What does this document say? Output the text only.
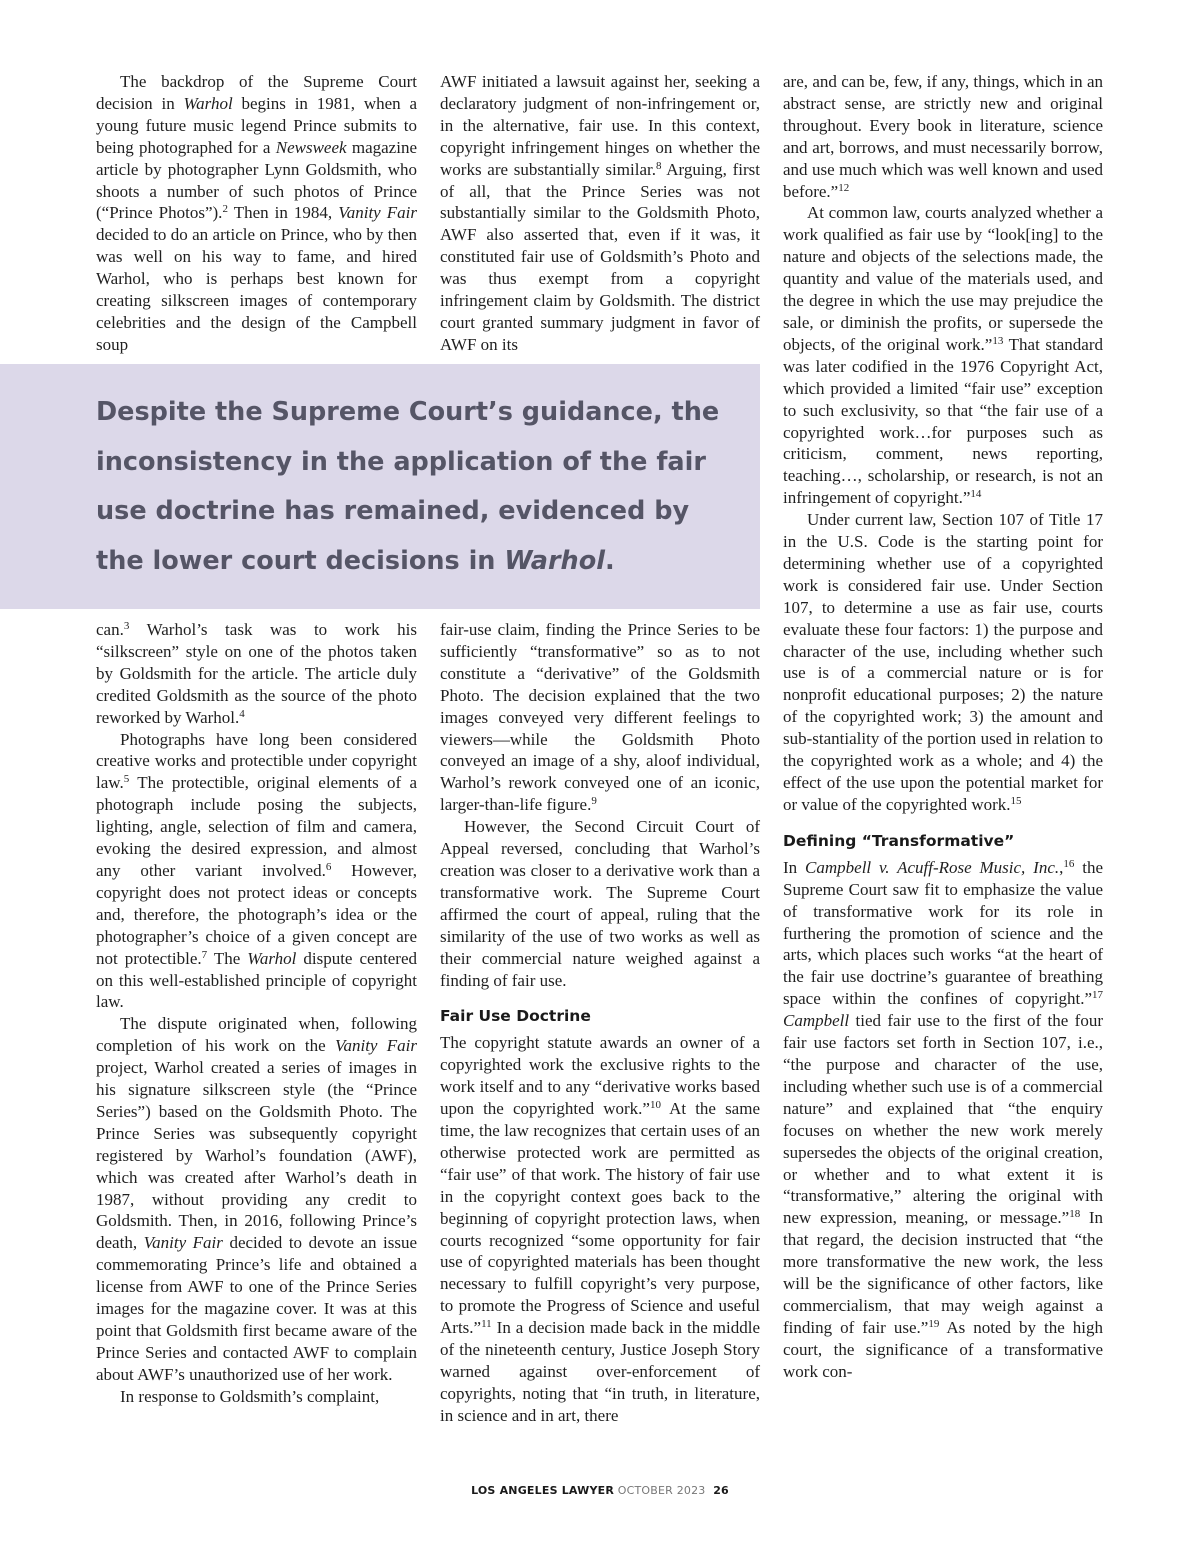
The backdrop of the Supreme Court decision in Warhol begins in 1981, when a young future music legend Prince submits to being photographed for a Newsweek magazine article by photographer Lynn Goldsmith, who shoots a number of such photos of Prince (“Prince Photos”).$^2$ Then in 1984, Vanity Fair decided to do an article on Prince, who by then was well on his way to fame, and hired Warhol, who is perhaps best known for creating silkscreen images of contemporary celebrities and the design of the Campbell soup

AWF initiated a lawsuit against her, seeking a declaratory judgment of non-infringement or, in the alternative, fair use. In this context, copyright infringement hinges on whether the works are substantially similar.$^8$ Arguing, first of all, that the Prince Series was not substantially similar to the Goldsmith Photo, AWF also asserted that, even if it was, it constituted fair use of Goldsmith’s Photo and was thus exempt from a copyright infringement claim by Goldsmith. The district court granted summary judgment in favor of AWF on its

Despite the Supreme Court’s guidance, the inconsistency in the application of the fair use doctrine has remained, evidenced by the lower court decisions in Warhol.

can.$^3$ Warhol’s task was to work his “silkscreen” style on one of the photos taken by Goldsmith for the article. The article duly credited Goldsmith as the source of the photo reworked by Warhol.$^4$

Photographs have long been considered creative works and protectible under copyright law.$^5$ The protectible, original elements of a photograph include posing the subjects, lighting, angle, selection of film and camera, evoking the desired expression, and almost any other variant involved.$^6$ However, copyright does not protect ideas or concepts and, therefore, the photograph’s idea or the photographer’s choice of a given concept are not protectible.$^7$ The Warhol dispute centered on this well-established principle of copyright law.

The dispute originated when, following completion of his work on the Vanity Fair project, Warhol created a series of images in his signature silkscreen style (the “Prince Series”) based on the Goldsmith Photo. The Prince Series was subsequently copyright registered by Warhol’s foundation (AWF), which was created after Warhol’s death in 1987, without providing any credit to Goldsmith. Then, in 2016, following Prince’s death, Vanity Fair decided to devote an issue commemorating Prince’s life and obtained a license from AWF to one of the Prince Series images for the magazine cover. It was at this point that Goldsmith first became aware of the Prince Series and contacted AWF to complain about AWF’s unauthorized use of her work.

In response to Goldsmith’s complaint,

fair-use claim, finding the Prince Series to be sufficiently “transformative” so as to not constitute a “derivative” of the Goldsmith Photo. The decision explained that the two images conveyed very different feelings to viewers—while the Goldsmith Photo conveyed an image of a shy, aloof individual, Warhol’s rework conveyed one of an iconic, larger-than-life figure.$^9$

However, the Second Circuit Court of Appeal reversed, concluding that Warhol’s creation was closer to a derivative work than a transformative work. The Supreme Court affirmed the court of appeal, ruling that the similarity of the use of two works as well as their commercial nature weighed against a finding of fair use.

Fair Use Doctrine

The copyright statute awards an owner of a copyrighted work the exclusive rights to the work itself and to any “derivative works based upon the copyrighted work.”$^{10}$ At the same time, the law recognizes that certain uses of an otherwise protected work are permitted as “fair use” of that work. The history of fair use in the copyright context goes back to the beginning of copyright protection laws, when courts recognized “some opportunity for fair use of copyrighted materials has been thought necessary to fulfill copyright’s very purpose, to promote the Progress of Science and useful Arts.”$^{11}$ In a decision made back in the middle of the nineteenth century, Justice Joseph Story warned against over-enforcement of copyrights, noting that “in truth, in literature, in science and in art, there

are, and can be, few, if any, things, which in an abstract sense, are strictly new and original throughout. Every book in literature, science and art, borrows, and must necessarily borrow, and use much which was well known and used before.”$^{12}$

At common law, courts analyzed whether a work qualified as fair use by “look[ing] to the nature and objects of the selections made, the quantity and value of the materials used, and the degree in which the use may prejudice the sale, or diminish the profits, or supersede the objects, of the original work.”$^{13}$ That standard was later codified in the 1976 Copyright Act, which provided a limited “fair use” exception to such exclusivity, so that “the fair use of a copyrighted work…for purposes such as criticism, comment, news reporting, teaching…, scholarship, or research, is not an infringement of copyright.”$^{14}$

Under current law, Section 107 of Title 17 in the U.S. Code is the starting point for determining whether use of a copyrighted work is considered fair use. Under Section 107, to determine a use as fair use, courts evaluate these four factors: 1) the purpose and character of the use, including whether such use is of a commercial nature or is for nonprofit educational purposes; 2) the nature of the copyrighted work; 3) the amount and sub-stantiality of the portion used in relation to the copyrighted work as a whole; and 4) the effect of the use upon the potential market for or value of the copyrighted work.$^{15}$

Defining “Transformative”

In Campbell v. Acuff-Rose Music, Inc.,$^{16}$ the Supreme Court saw fit to emphasize the value of transformative work for its role in furthering the promotion of science and the arts, which places such works “at the heart of the fair use doctrine’s guarantee of breathing space within the confines of copyright.”$^{17}$ Campbell tied fair use to the first of the four fair use factors set forth in Section 107, i.e., “the purpose and character of the use, including whether such use is of a commercial nature” and explained that “the enquiry focuses on whether the new work merely supersedes the objects of the original creation, or whether and to what extent it is “transformative,” altering the original with new expression, meaning, or message.”$^{18}$ In that regard, the decision instructed that “the more transformative the new work, the less will be the significance of other factors, like commercialism, that may weigh against a finding of fair use.”$^{19}$ As noted by the high court, the significance of a transformative work con-

LOS ANGELES LAWYER OCTOBER 2023 26
